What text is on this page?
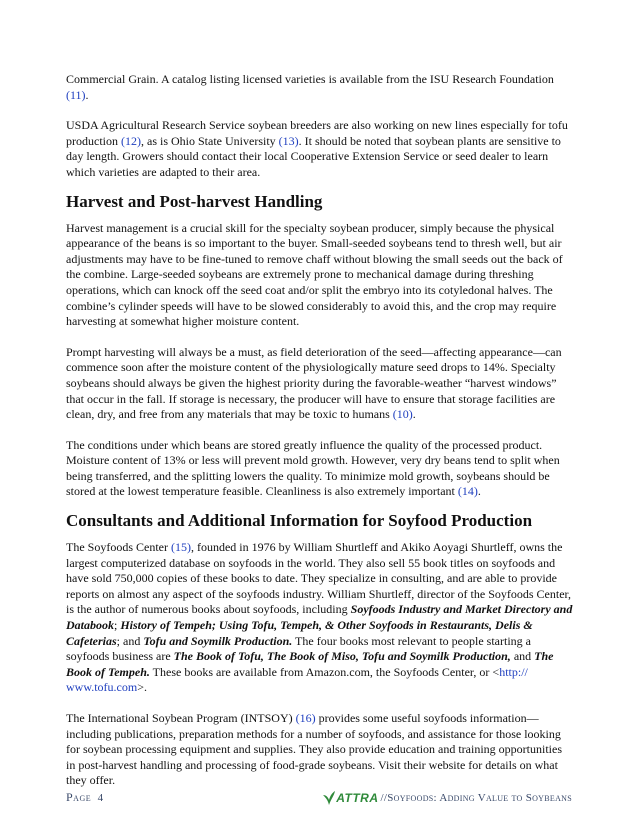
Commercial Grain. A catalog listing licensed varieties is available from the ISU Research Foundation (11).

USDA Agricultural Research Service soybean breeders are also working on new lines especially for tofu production (12), as is Ohio State University (13). It should be noted that soybean plants are sensitive to day length. Growers should contact their local Cooperative Extension Service or seed dealer to learn which varieties are adapted to their area.

Harvest and Post-harvest Handling

Harvest management is a crucial skill for the specialty soybean producer, simply because the physical appearance of the beans is so important to the buyer. Small-seeded soybeans tend to thresh well, but air adjustments may have to be fine-tuned to remove chaff without blowing the small seeds out the back of the combine. Large-seeded soybeans are extremely prone to mechanical damage during threshing operations, which can knock off the seed coat and/or split the embryo into its cotyledonal halves. The combine’s cylinder speeds will have to be slowed considerably to avoid this, and the crop may require harvesting at somewhat higher moisture content.

Prompt harvesting will always be a must, as field deterioration of the seed—affecting appearance—can commence soon after the moisture content of the physiologically mature seed drops to 14%. Specialty soybeans should always be given the highest priority during the favorable-weather “harvest windows” that occur in the fall. If storage is necessary, the producer will have to ensure that storage facilities are clean, dry, and free from any materials that may be toxic to humans (10).

The conditions under which beans are stored greatly influence the quality of the processed product. Moisture content of 13% or less will prevent mold growth. However, very dry beans tend to split when being transferred, and the splitting lowers the quality. To minimize mold growth, soybeans should be stored at the lowest temperature feasible. Cleanliness is also extremely important (14).

Consultants and Additional Information for Soyfood Production

The Soyfoods Center (15), founded in 1976 by William Shurtleff and Akiko Aoyagi Shurtleff, owns the largest computerized database on soyfoods in the world. They also sell 55 book titles on soyfoods and have sold 750,000 copies of these books to date. They specialize in consulting, and are able to provide reports on almost any aspect of the soyfoods industry. William Shurtleff, director of the Soyfoods Center, is the author of numerous books about soyfoods, including Soyfoods Industry and Market Directory and Databook; History of Tempeh; Using Tofu, Tempeh, & Other Soyfoods in Restaurants, Delis & Cafeterias; and Tofu and Soymilk Production. The four books most relevant to people starting a soyfoods business are The Book of Tofu, The Book of Miso, Tofu and Soymilk Production, and The Book of Tempeh. These books are available from Amazon.com, the Soyfoods Center, or <http:// www.tofu.com>.

The International Soybean Program (INTSOY) (16) provides some useful soyfoods information—including publications, preparation methods for a number of soyfoods, and assistance for those looking for soybean processing equipment and supplies. They also provide education and training opportunities in post-harvest handling and processing of food-grade soybeans. Visit their website for details on what they offer.

Page 4	ATTRA //Soyfoods: Adding Value to Soybeans
